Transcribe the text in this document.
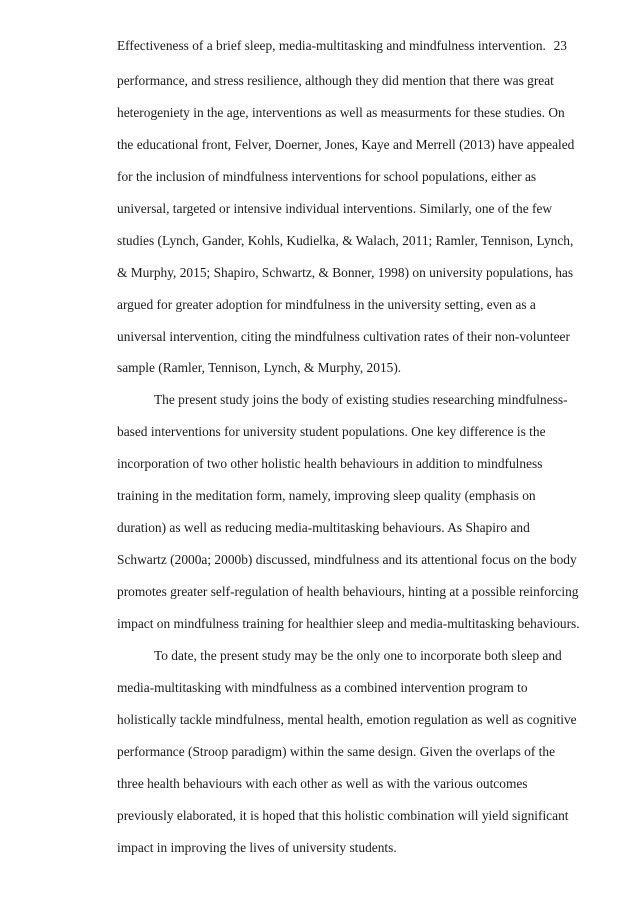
Effectiveness of a brief sleep, media-multitasking and mindfulness intervention. 23
performance, and stress resilience, although they did mention that there was great
heterogeniety in the age, interventions as well as measurments for these studies. On
the educational front, Felver, Doerner, Jones, Kaye and Merrell (2013) have appealed
for the inclusion of mindfulness interventions for school populations, either as
universal, targeted or intensive individual interventions. Similarly, one of the few
studies (Lynch, Gander, Kohls, Kudielka, & Walach, 2011; Ramler, Tennison, Lynch,
& Murphy, 2015; Shapiro, Schwartz, & Bonner, 1998) on university populations, has
argued for greater adoption for mindfulness in the university setting, even as a
universal intervention, citing the mindfulness cultivation rates of their non-volunteer
sample (Ramler, Tennison, Lynch, & Murphy, 2015).
The present study joins the body of existing studies researching mindfulness-
based interventions for university student populations. One key difference is the
incorporation of two other holistic health behaviours in addition to mindfulness
training in the meditation form, namely, improving sleep quality (emphasis on
duration) as well as reducing media-multitasking behaviours. As Shapiro and
Schwartz (2000a; 2000b) discussed, mindfulness and its attentional focus on the body
promotes greater self-regulation of health behaviours, hinting at a possible reinforcing
impact on mindfulness training for healthier sleep and media-multitasking behaviours.
To date, the present study may be the only one to incorporate both sleep and
media-multitasking with mindfulness as a combined intervention program to
holistically tackle mindfulness, mental health, emotion regulation as well as cognitive
performance (Stroop paradigm) within the same design. Given the overlaps of the
three health behaviours with each other as well as with the various outcomes
previously elaborated, it is hoped that this holistic combination will yield significant
impact in improving the lives of university students.
